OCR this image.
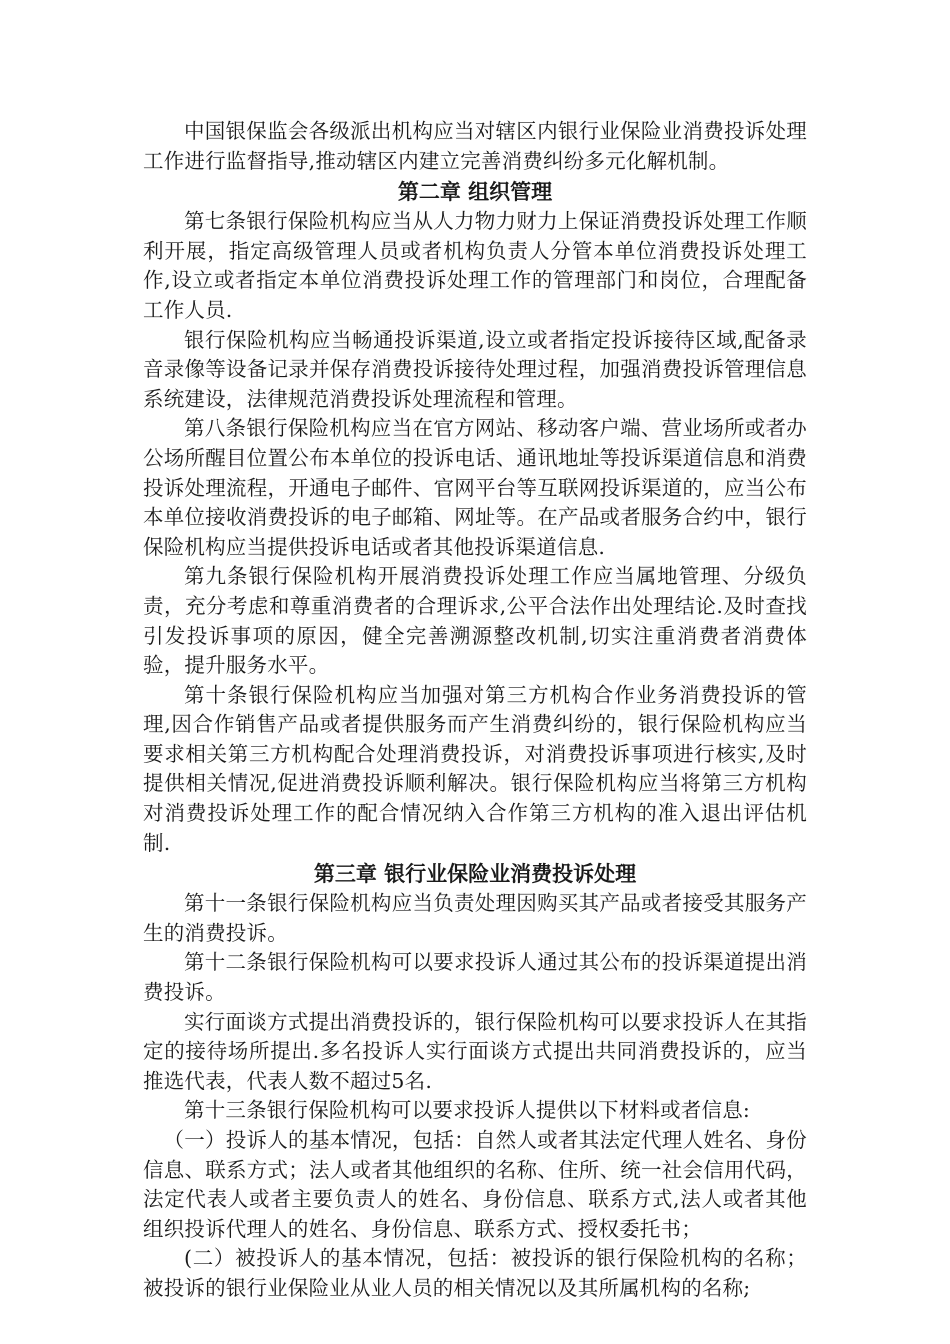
中国银保监会各级派出机构应当对辖区内银行业保险业消费投诉处理工作进行监督指导,推动辖区内建立完善消费纠纷多元化解机制。

第二章 组织管理

第七条银行保险机构应当从人力物力财力上保证消费投诉处理工作顺利开展，指定高级管理人员或者机构负责人分管本单位消费投诉处理工作,设立或者指定本单位消费投诉处理工作的管理部门和岗位，合理配备工作人员.

银行保险机构应当畅通投诉渠道,设立或者指定投诉接待区域,配备录音录像等设备记录并保存消费投诉接待处理过程，加强消费投诉管理信息系统建设，法律规范消费投诉处理流程和管理。

第八条银行保险机构应当在官方网站、移动客户端、营业场所或者办公场所醒目位置公布本单位的投诉电话、通讯地址等投诉渠道信息和消费投诉处理流程，开通电子邮件、官网平台等互联网投诉渠道的，应当公布本单位接收消费投诉的电子邮箱、网址等。在产品或者服务合约中，银行保险机构应当提供投诉电话或者其他投诉渠道信息.

第九条银行保险机构开展消费投诉处理工作应当属地管理、分级负责，充分考虑和尊重消费者的合理诉求,公平合法作出处理结论.及时查找引发投诉事项的原因，健全完善溯源整改机制,切实注重消费者消费体验，提升服务水平。

第十条银行保险机构应当加强对第三方机构合作业务消费投诉的管理,因合作销售产品或者提供服务而产生消费纠纷的，银行保险机构应当要求相关第三方机构配合处理消费投诉，对消费投诉事项进行核实,及时提供相关情况,促进消费投诉顺利解决。银行保险机构应当将第三方机构对消费投诉处理工作的配合情况纳入合作第三方机构的准入退出评估机制.

第三章 银行业保险业消费投诉处理

第十一条银行保险机构应当负责处理因购买其产品或者接受其服务产生的消费投诉。

第十二条银行保险机构可以要求投诉人通过其公布的投诉渠道提出消费投诉。

实行面谈方式提出消费投诉的，银行保险机构可以要求投诉人在其指定的接待场所提出.多名投诉人实行面谈方式提出共同消费投诉的，应当推选代表，代表人数不超过5名.

第十三条银行保险机构可以要求投诉人提供以下材料或者信息:

（一）投诉人的基本情况，包括：自然人或者其法定代理人姓名、身份信息、联系方式；法人或者其他组织的名称、住所、统一社会信用代码，法定代表人或者主要负责人的姓名、身份信息、联系方式,法人或者其他组织投诉代理人的姓名、身份信息、联系方式、授权委托书；

(二）被投诉人的基本情况，包括：被投诉的银行保险机构的名称；被投诉的银行业保险业从业人员的相关情况以及其所属机构的名称;
